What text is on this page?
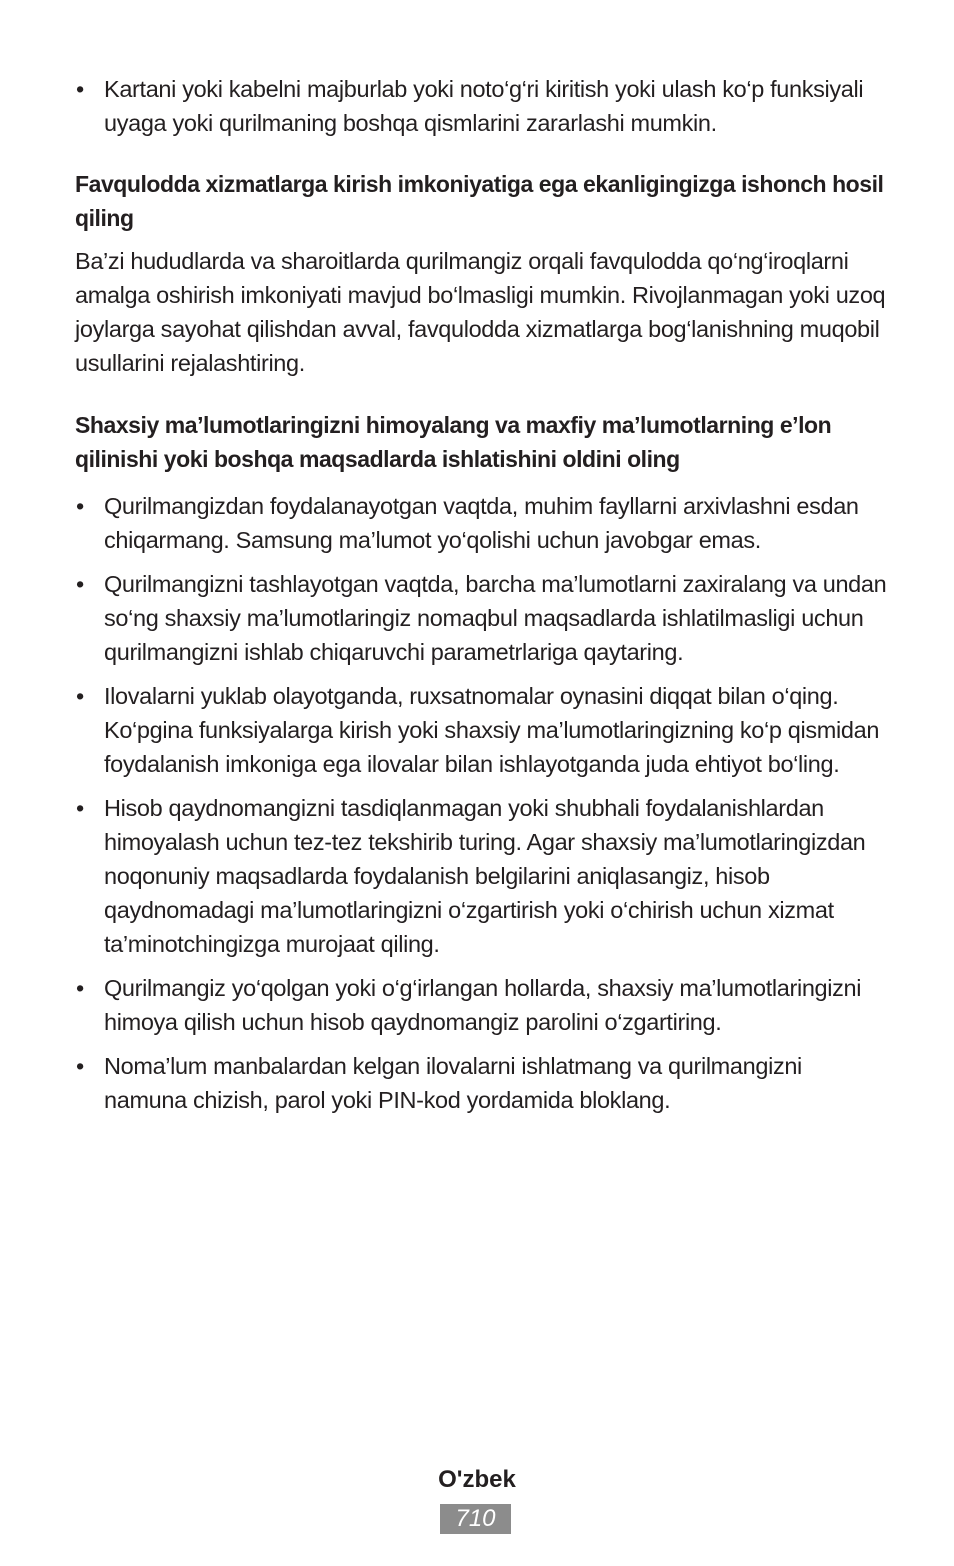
• Kartani yoki kabelni majburlab yoki noto‘g‘ri kiritish yoki ulash ko‘p funksiyali uyaga yoki qurilmaning boshqa qismlarini zararlashi mumkin.

Favqulodda xizmatlarga kirish imkoniyatiga ega ekanligingizga ishonch hosil qiling

Ba’zi hududlarda va sharoitlarda qurilmangiz orqali favqulodda qo‘ng‘iroqlarni amalga oshirish imkoniyati mavjud bo‘lmasligi mumkin. Rivojlanmagan yoki uzoq joylarga sayohat qilishdan avval, favqulodda xizmatlarga bog‘lanishning muqobil usullarini rejalashtiring.

Shaxsiy ma’lumotlaringizni himoyalang va maxfiy ma’lumotlarning e’lon qilinishi yoki boshqa maqsadlarda ishlatishini oldini oling

• Qurilmangizdan foydalanayotgan vaqtda, muhim fayllarni arxivlashni esdan chiqarmang. Samsung ma’lumot yo‘qolishi uchun javobgar emas.
• Qurilmangizni tashlayotgan vaqtda, barcha ma’lumotlarni zaxiralang va undan so‘ng shaxsiy ma’lumotlaringiz nomaqbul maqsadlarda ishlatilmasligi uchun qurilmangizni ishlab chiqaruvchi parametrlariga qaytaring.
• Ilovalarni yuklab olayotganda, ruxsatnomalar oynasini diqqat bilan o‘qing. Ko‘pgina funksiyalarga kirish yoki shaxsiy ma’lumotlaringizning ko‘p qismidan foydalanish imkoniga ega ilovalar bilan ishlayotganda juda ehtiyot bo‘ling.
• Hisob qaydnomangizni tasdiqlanmagan yoki shubhali foydalanishlardan himoyalash uchun tez-tez tekshirib turing. Agar shaxsiy ma’lumotlaringizdan noqonuniy maqsadlarda foydalanish belgilarini aniqlasangiz, hisob qaydnomadagi ma’lumotlaringizni o‘zgartirish yoki o‘chirish uchun xizmat ta’minotchingizga murojaat qiling.
• Qurilmangiz yo‘qolgan yoki o‘g‘irlangan hollarda, shaxsiy ma’lumotlaringizni himoya qilish uchun hisob qaydnomangiz parolini o‘zgartiring.
• Noma’lum manbalardan kelgan ilovalarni ishlatmang va qurilmangizni namuna chizish, parol yoki PIN-kod yordamida bloklang.
O'zbek
710
